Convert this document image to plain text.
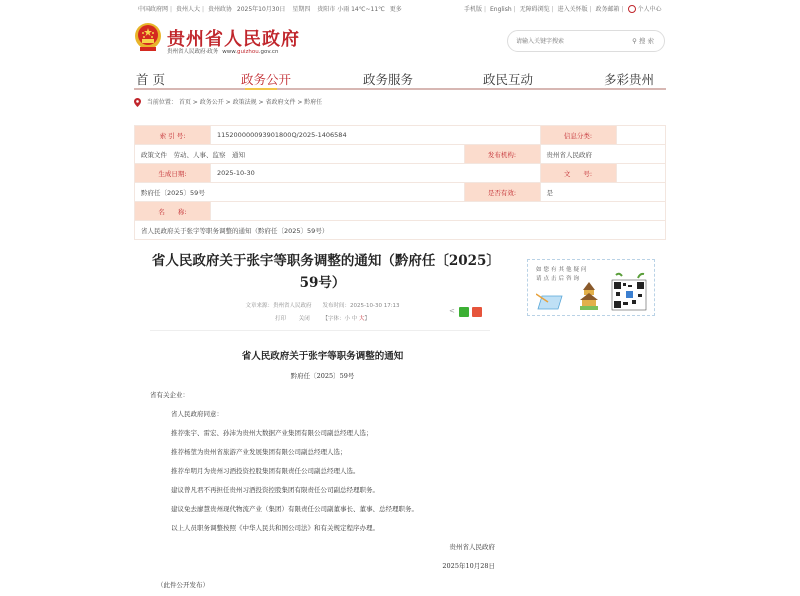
中国政府网 | 贵州人大 | 贵州政协 2025年10月30日 星期四 贵阳市 小雨 14℃~11℃ 更多	手机版 | English | 无障碍浏览 | 进入关怀版 | 政务邮箱 | 个人中心
贵州省人民政府
贵州省人民政府·政务 www.guizhou.gov.cn
请输入关键字搜索
⚲ 搜 索
首 页	政务公开	政务服务	政民互动	多彩贵州
当前位置： 首页 > 政务公开 > 政策法规 > 省政府文件 > 黔府任
索 引 号:	115200000093901800Q/2025-1406584		信息分类:	
政策文件　劳动、人事、监察　通知		发布机构:	贵州省人民政府	
生成日期:	2025-10-30		文　　号:	
黔府任〔2025〕59号		是否有效:	是	
名　　称:				
省人民政府关于张宇等职务调整的通知（黔府任〔2025〕59号）				
省人民政府关于张宇等职务调整的通知（黔府任〔2025〕59号）
文章来源：贵州省人民政府　　 发布时间：2025-10-30 17:13
打印　　 关闭　　 【字体：小 中 大】
<
如您有其他疑问
请点击后咨询
省人民政府关于张宇等职务调整的通知
黔府任〔2025〕59号

省有关企业：

省人民政府同意：

推荐张宇、雷宏、孙沛为贵州大数据产业集团有限公司副总经理人选；

推荐杨堃为贵州省旅游产业发展集团有限公司副总经理人选；

推荐牟明月为贵州习酒投资控股集团有限责任公司副总经理人选。

建议曾凡君不再担任贵州习酒投资控股集团有限责任公司副总经理职务。

建议免去廖慧贵州现代物流产业（集团）有限责任公司副董事长、董事、总经理职务。

以上人员职务调整按照《中华人民共和国公司法》和有关规定程序办理。

贵州省人民政府

2025年10月28日

（此件公开发布）
